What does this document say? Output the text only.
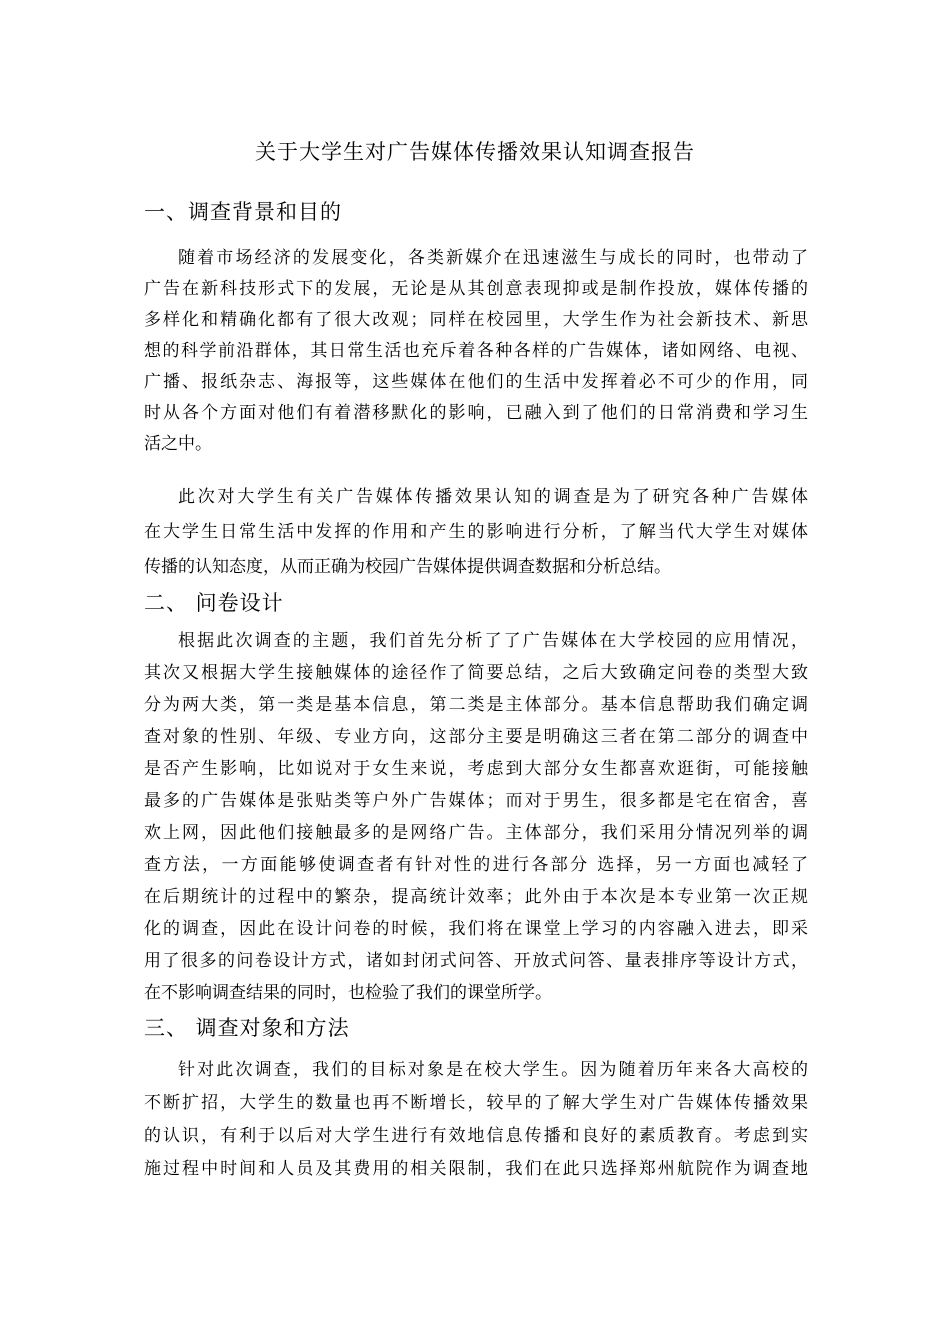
关于大学生对广告媒体传播效果认知调查报告
一、调查背景和目的
随着市场经济的发展变化，各类新媒介在迅速滋生与成长的同时，也带动了
广告在新科技形式下的发展，无论是从其创意表现抑或是制作投放，媒体传播的
多样化和精确化都有了很大改观；同样在校园里，大学生作为社会新技术、新思
想的科学前沿群体，其日常生活也充斥着各种各样的广告媒体，诸如网络、电视、
广播、报纸杂志、海报等，这些媒体在他们的生活中发挥着必不可少的作用，同
时从各个方面对他们有着潜移默化的影响，已融入到了他们的日常消费和学习生
活之中。
此次对大学生有关广告媒体传播效果认知的调查是为了研究各种广告媒体
在大学生日常生活中发挥的作用和产生的影响进行分析，了解当代大学生对媒体
传播的认知态度，从而正确为校园广告媒体提供调查数据和分析总结。
二、 问卷设计
根据此次调查的主题，我们首先分析了了广告媒体在大学校园的应用情况，
其次又根据大学生接触媒体的途径作了简要总结，之后大致确定问卷的类型大致
分为两大类，第一类是基本信息，第二类是主体部分。基本信息帮助我们确定调
查对象的性别、年级、专业方向，这部分主要是明确这三者在第二部分的调查中
是否产生影响，比如说对于女生来说，考虑到大部分女生都喜欢逛街，可能接触
最多的广告媒体是张贴类等户外广告媒体；而对于男生，很多都是宅在宿舍，喜
欢上网，因此他们接触最多的是网络广告。主体部分，我们采用分情况列举的调
查方法，一方面能够使调查者有针对性的进行各部分 选择，另一方面也减轻了
在后期统计的过程中的繁杂，提高统计效率；此外由于本次是本专业第一次正规
化的调查，因此在设计问卷的时候，我们将在课堂上学习的内容融入进去，即采
用了很多的问卷设计方式，诸如封闭式问答、开放式问答、量表排序等设计方式，
在不影响调查结果的同时，也检验了我们的课堂所学。
三、 调查对象和方法
针对此次调查，我们的目标对象是在校大学生。因为随着历年来各大高校的
不断扩招，大学生的数量也再不断增长，较早的了解大学生对广告媒体传播效果
的认识，有利于以后对大学生进行有效地信息传播和良好的素质教育。考虑到实
施过程中时间和人员及其费用的相关限制，我们在此只选择郑州航院作为调查地
